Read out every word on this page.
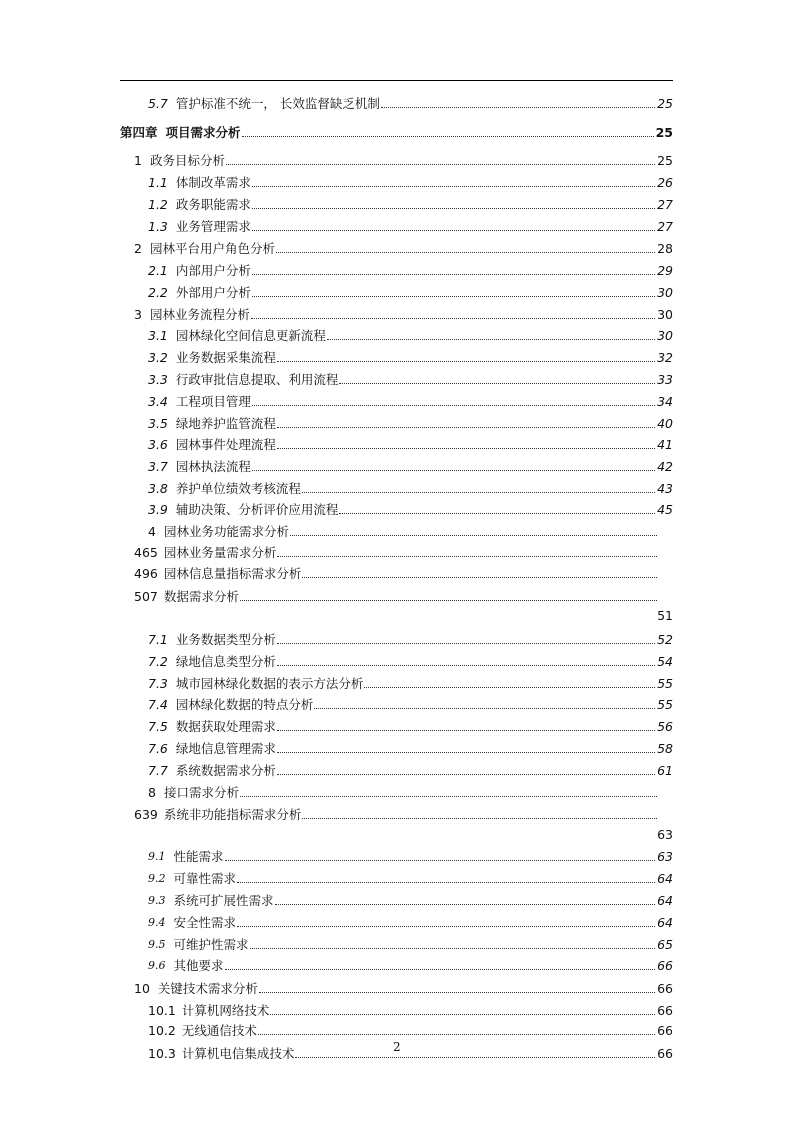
5.7 管护标准不统一， 长效监督缺乏机制	25
第四章 项目需求分析	25
1 政务目标分析	25
1.1 体制改革需求	26
1.2 政务职能需求	27
1.3 业务管理需求	27
2 园林平台用户角色分析	28
2.1 内部用户分析	29
2.2 外部用户分析	30
3 园林业务流程分析	30
3.1 园林绿化空间信息更新流程	30
3.2 业务数据采集流程	32
3.3 行政审批信息提取、利用流程	33
3.4 工程项目管理	34
3.5 绿地养护监管流程	40
3.6 园林事件处理流程	41
3.7 园林执法流程	42
3.8 养护单位绩效考核流程	43
3.9 辅助决策、分析评价应用流程	45
4 园林业务功能需求分析
465 园林业务量需求分析
496 园林信息量指标需求分析
507 数据需求分析
51
7.1 业务数据类型分析	52
7.2 绿地信息类型分析	54
7.3 城市园林绿化数据的表示方法分析	55
7.4 园林绿化数据的特点分析	55
7.5 数据获取处理需求	56
7.6 绿地信息管理需求	58
7.7 系统数据需求分析	61
8 接口需求分析
639 系统非功能指标需求分析
63
9.1 性能需求	63
9.2 可靠性需求	64
9.3 系统可扩展性需求	64
9.4 安全性需求	64
9.5 可维护性需求	65
9.6 其他要求	66
10 关键技术需求分析	66
10.1 计算机网络技术	66
10.2 无线通信技术	66
10.3 计算机电信集成技术	66
2
